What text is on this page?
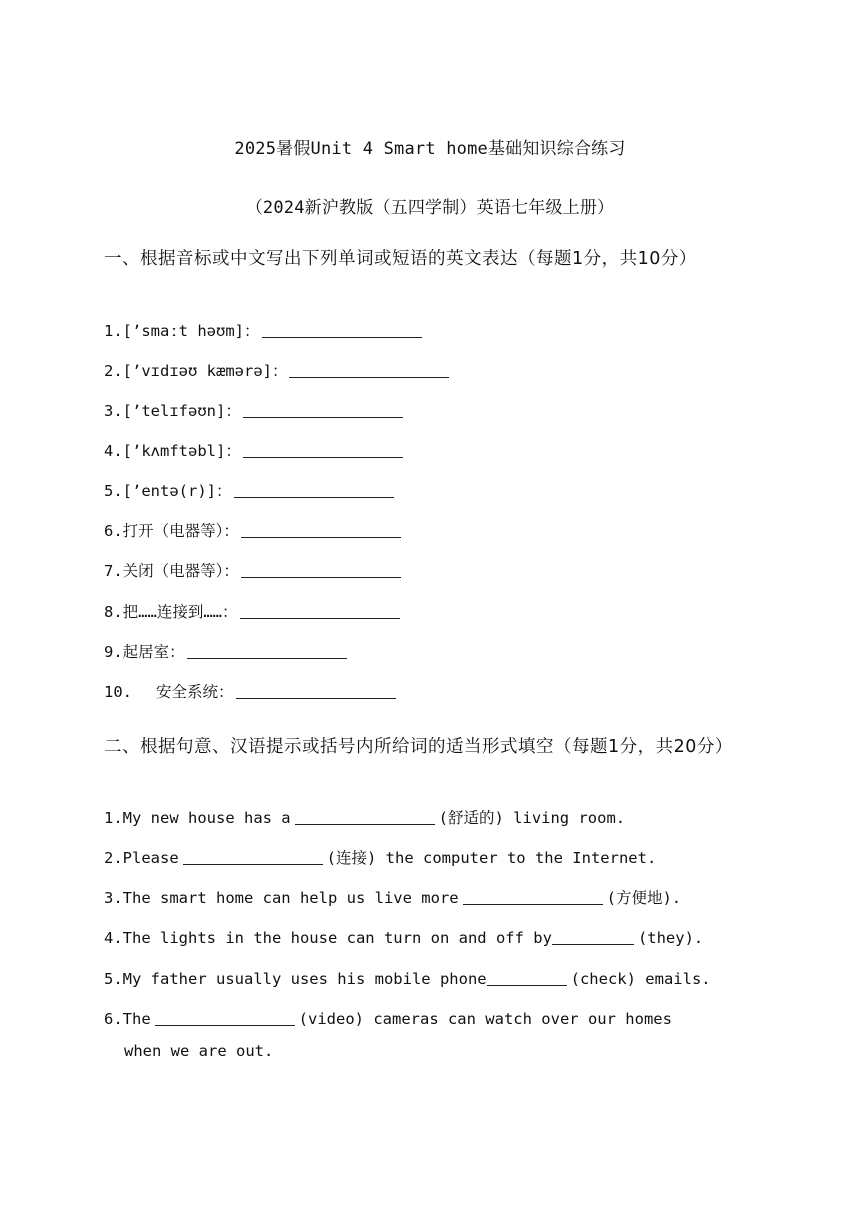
2025暑假Unit 4 Smart home基础知识综合练习
（2024新沪教版（五四学制）英语七年级上册）
一、根据音标或中文写出下列单词或短语的英文表达（每题1分，共10分）
1.[ʼsmaːt həʊm]：
2.[ʼvɪdɪəʊ kæmərə]：
3.[ʼtelɪfəʊn]：
4.[ʼkʌmftəbl]：
5.[ʼentə(r)]：
6.打开（电器等）：
7.关闭（电器等）：
8.把……连接到……：
9.起居室：
10. 安全系统：
二、根据句意、汉语提示或括号内所给词的适当形式填空（每题1分，共20分）
1.My new house has a	(舒适的) living room.
2.Please	(连接) the computer to the Internet.
3.The smart home can help us live more	(方便地).
4.The lights in the house can turn on and off by	(they).
5.My father usually uses his mobile phone	(check) emails.
6.The	(video) cameras can watch over our homes
when we are out.
